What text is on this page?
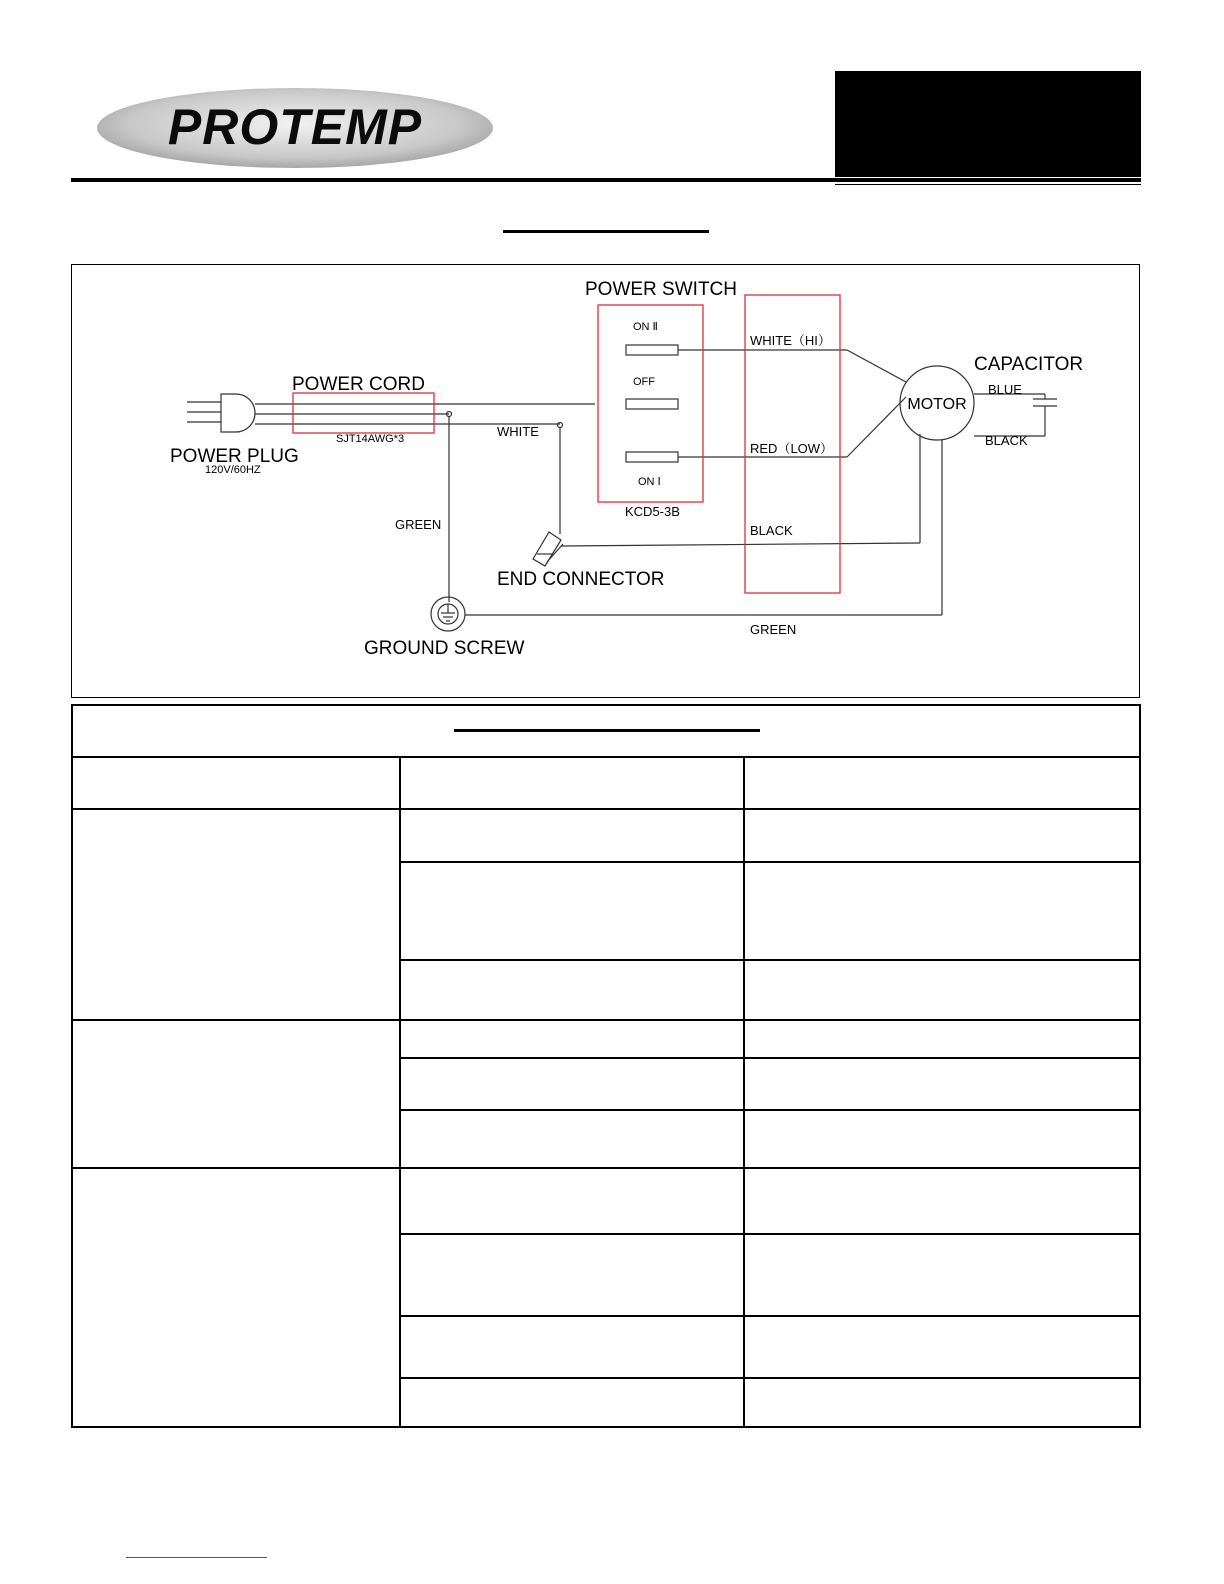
PROTEMP
POWER SWITCH
POWER CORD
SJT14AWG*3
POWER PLUG
120V/60HZ
WHITE
GREEN
END CONNECTOR
GROUND SCREW
ON Ⅱ
OFF
ON Ⅰ
KCD5-3B
WHITE（HI）
RED（LOW）
BLACK
GREEN
MOTOR
CAPACITOR
BLUE
BLACK
